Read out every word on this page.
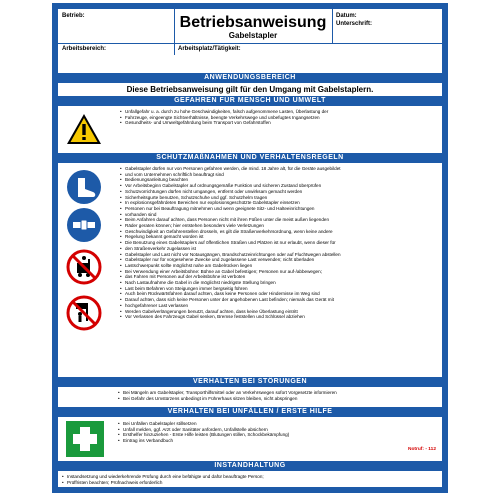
Betrieb:	Betriebsanweisung
Gabelstapler
Datum:
Unterschrift:
Arbeitsbereich:	Arbeitsplatz/Tätigkeit:
ANWENDUNGSBEREICH
Diese Betriebsanweisung gilt für den Umgang mit Gabelstaplern.
GEFAHREN FÜR MENSCH UND UMWELT
• Unfallgefahr u. a. durch zu hohe Geschwindigkeiten, falsch aufgenommene Lasten, Überlastung der
• Fahrzeuge, eingeengte Sichtverhältnisse, beengte Verkehrswege und unbefugtes Ingangsetzen
• Gesundheits- und Umweltgefährdung beim Transport von Gefahrstoffen
SCHUTZMAßNAHMEN UND VERHALTENSREGELN
• Gabelstapler dürfen nur von Personen gefahren werden, die mind. 18 Jahre alt, für die Geräte ausgebildet
• und vom Unternehmen schriftlich beauftragt sind
• Bedienungsanleitung beachten
• Vor Arbeitsbeginn Gabelstapler auf ordnungsgemäße Funktion und sicheren Zustand überprüfen
• Schutzvorrichtungen dürfen nicht umgangen, entfernt oder unwirksam gemacht werden
• Sicherheitsgurte benutzen, Schutzschuhe und ggf. Schutzhelm tragen
• In explosionsgefährdeten Bereichen nur explosionsgeschützte Gabelstapler einsetzen
• Personen nur bei Beauftragung mitnehmen und wenn geeignete Sitz- und Halteeinrichtungen
• vorhanden sind
• Beim Anfahren darauf achten, dass Personen nicht mit ihren Füßen unter die meist außen liegenden
• Räder geraten können; hier entstehen besonders viele Verletzungen
• Geschwindigkeit an Gefahrenstellen drosseln, es gilt die Straßenverkehrsordnung, wenn keine andere
• Regelung bekannt gemacht worden ist
• Die Benutzung eines Gabelstaplers auf öffentlichen Straßen und Plätzen ist nur erlaubt, wenn dieser für
• den Straßenverkehr zugelassen ist
• Gabelstapler und Last nicht vor Notausgängen, Brandschutzeinrichtungen oder auf Fluchtwegen abstellen
• Gabelstapler nur für vorgesehene Zwecke und zugelassene Last verwenden; nicht überladen
• Lastschwerpunkt sollte möglichst nahe am Gabelrücken liegen
• Bei Verwendung einer Arbeitsbühne: Bühne an Gabel befestigen; Personen nur auf-/abbewegen;
• das Fahren mit Personen auf der Arbeitsbühne ist verboten
• Nach Lastaufnahme die Gabel in die möglichst niedrigste Stellung bringen
• Last beim Befahren von Steigungen immer bergseitig führen
• Auch beim Rückwärtsfahren darauf achten, dass keine Personen oder Hindernisse im Weg sind
• Darauf achten, dass sich keine Personen unter der angehobenen Last befinden; niemals das Gerät mit
• hochgefahrener Last verlassen
• Werden Gabelverlängerungen benutzt, darauf achten, dass keine Überlastung eintritt
• Vor Verlassen des Fahrzeugs Gabel senken, Bremse feststellen und Schlüssel abziehen
VERHALTEN BEI STÖRUNGEN
• Bei Mängeln am Gabelstapler, Transporthilfsmittel oder an Verkehrswegen sofort Vorgesetzte informieren
• Bei Gefahr des Umstürzens unbedingt im Führerhaus sitzen bleiben, nicht abspringen
VERHALTEN BEI UNFÄLLEN / ERSTE HILFE
• Bei Unfällen Gabelstapler stillsetzen
• Unfall melden, ggf. Arzt oder Sanitäter anfordern, Unfallstelle absichern
• Ersthelfer hinzuziehen - Erste Hilfe leisten (Blutungen stillen, Schockbekämpfung)
• Eintrag ins Verbandbuch
Notruf: - 112
INSTANDHALTUNG
• Instandsetzung und wiederkehrende Prüfung durch eine befähigte und dafür beauftragte Person;
• Prüffristen beachten; Prüfnachweis erforderlich
